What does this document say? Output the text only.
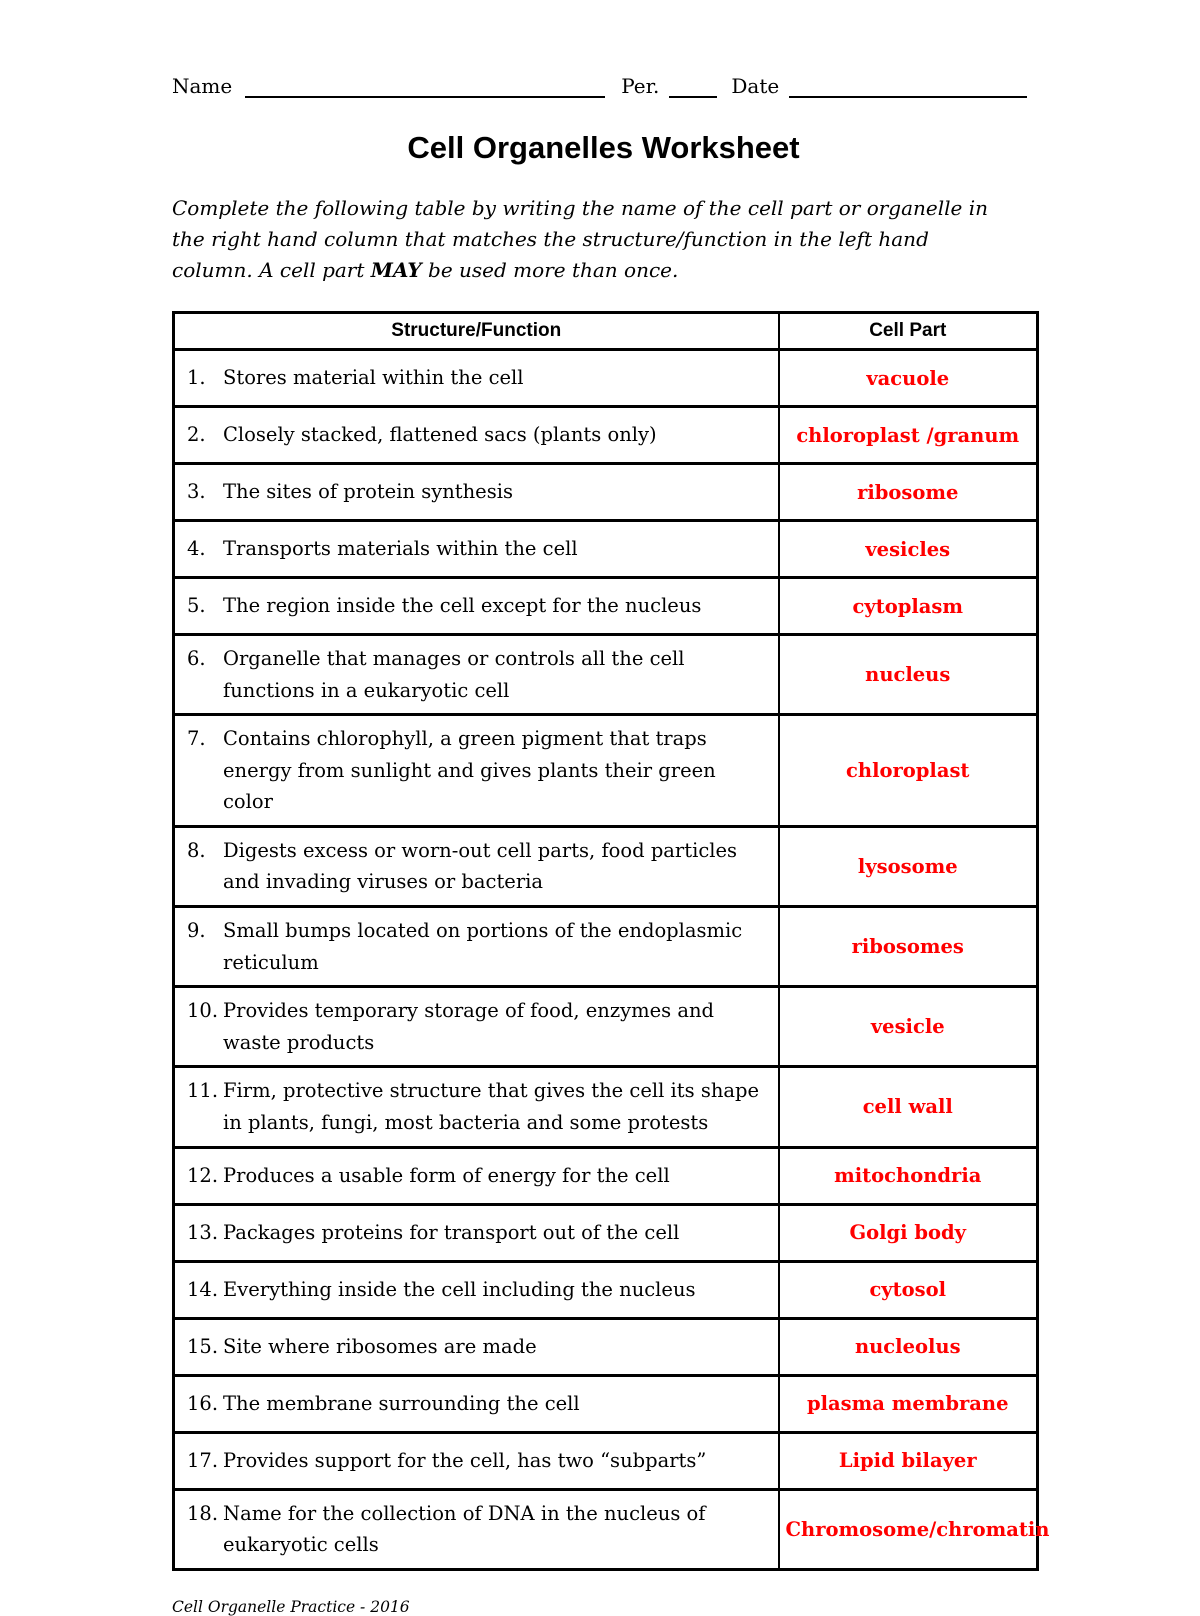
Name	Per.	Date
Cell Organelles Worksheet
Complete the following table by writing the name of the cell part or organelle in the right hand column that matches the structure/function in the left hand column. A cell part MAY be used more than once.
Structure/Function	Cell Part

1. Stores material within the cell	vacuole

2. Closely stacked, flattened sacs (plants only)	chloroplast /granum

3. The sites of protein synthesis	ribosome

4. Transports materials within the cell	vesicles

5. The region inside the cell except for the nucleus	cytoplasm

6. Organelle that manages or controls all the cell functions in a eukaryotic cell	nucleus

7. Contains chlorophyll, a green pigment that traps energy from sunlight and gives plants their green color	chloroplast

8. Digests excess or worn-out cell parts, food particles and invading viruses or bacteria	lysosome

9. Small bumps located on portions of the endoplasmic reticulum	ribosomes

10. Provides temporary storage of food, enzymes and waste products	vesicle

11. Firm, protective structure that gives the cell its shape in plants, fungi, most bacteria and some protests	cell wall

12. Produces a usable form of energy for the cell	mitochondria

13. Packages proteins for transport out of the cell	Golgi body

14. Everything inside the cell including the nucleus	cytosol

15. Site where ribosomes are made	nucleolus

16. The membrane surrounding the cell	plasma membrane

17. Provides support for the cell, has two “subparts”	Lipid bilayer

18. Name for the collection of DNA in the nucleus of eukaryotic cells	Chromosome/chromatin
Cell Organelle Practice - 2016
